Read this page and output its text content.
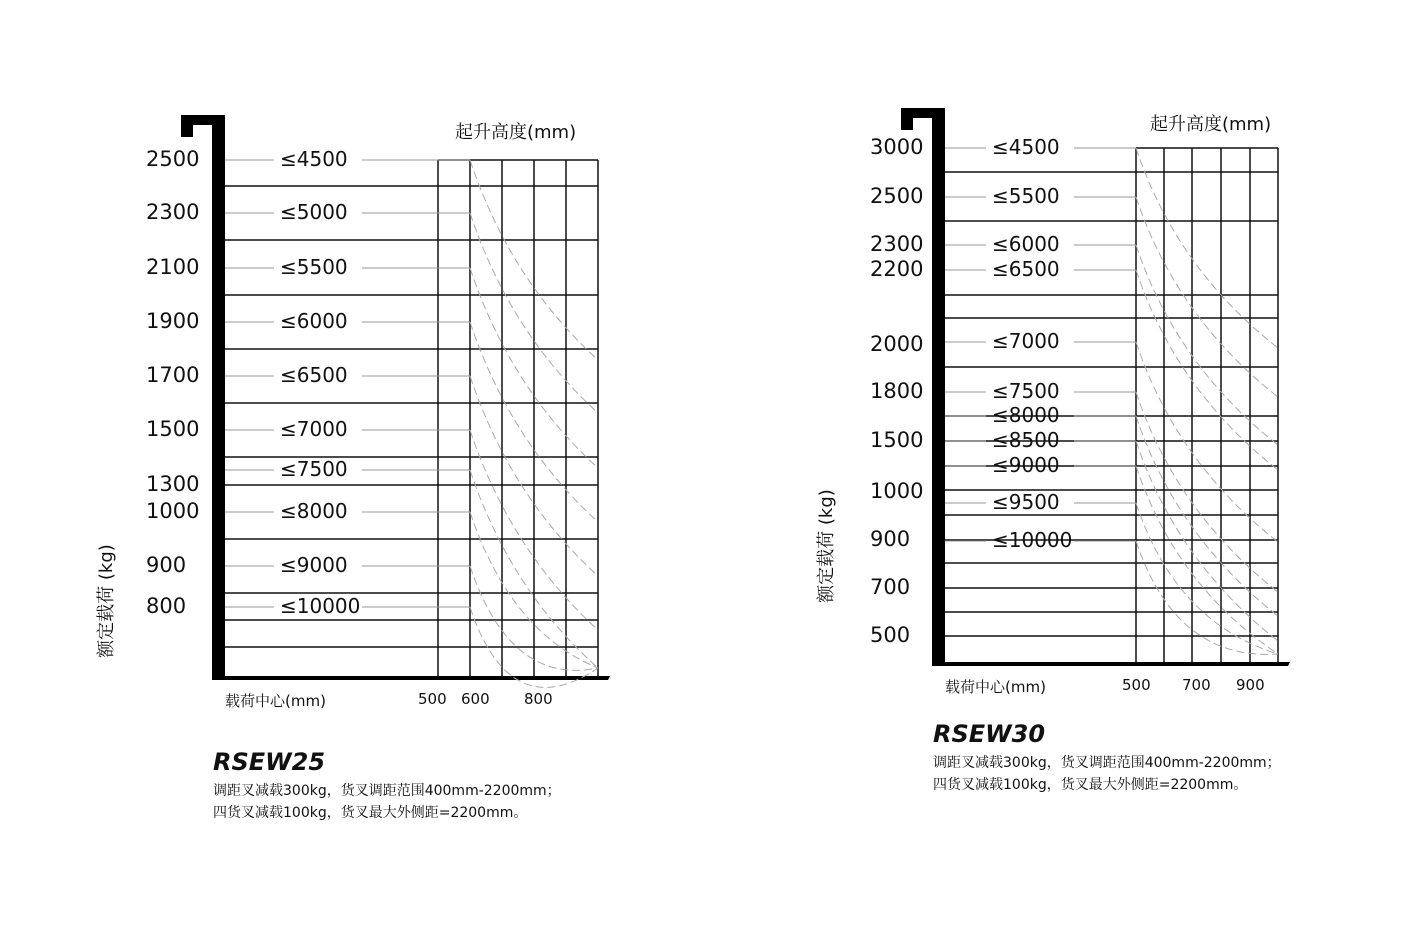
≤4500
≤5000
≤5500
≤6000
≤6500
≤7000
≤7500
≤8000
≤9000
≤10000
2500
2300
2100
1900
1700
1500
1300
1000
900
800
500 600 800
起升高度(mm)
额定载荷 (kg)
载荷中心(mm)
RSEW25
调距叉减载300kg，货叉调距范围400mm-2200mm；
四货叉减载100kg，货叉最大外侧距=2200mm。
≤4500
≤5500
≤6000
≤6500
≤7000
≤7500
≤8000
≤8500
≤9000
≤9500
≤10000
3000
2500
2300
2200
2000
1800
1500
1000
900
700
500
500 700 900
起升高度(mm)
额定载荷 (kg)
载荷中心(mm)
RSEW30
调距叉减载300kg，货叉调距范围400mm-2200mm；
四货叉减载100kg，货叉最大外侧距=2200mm。
